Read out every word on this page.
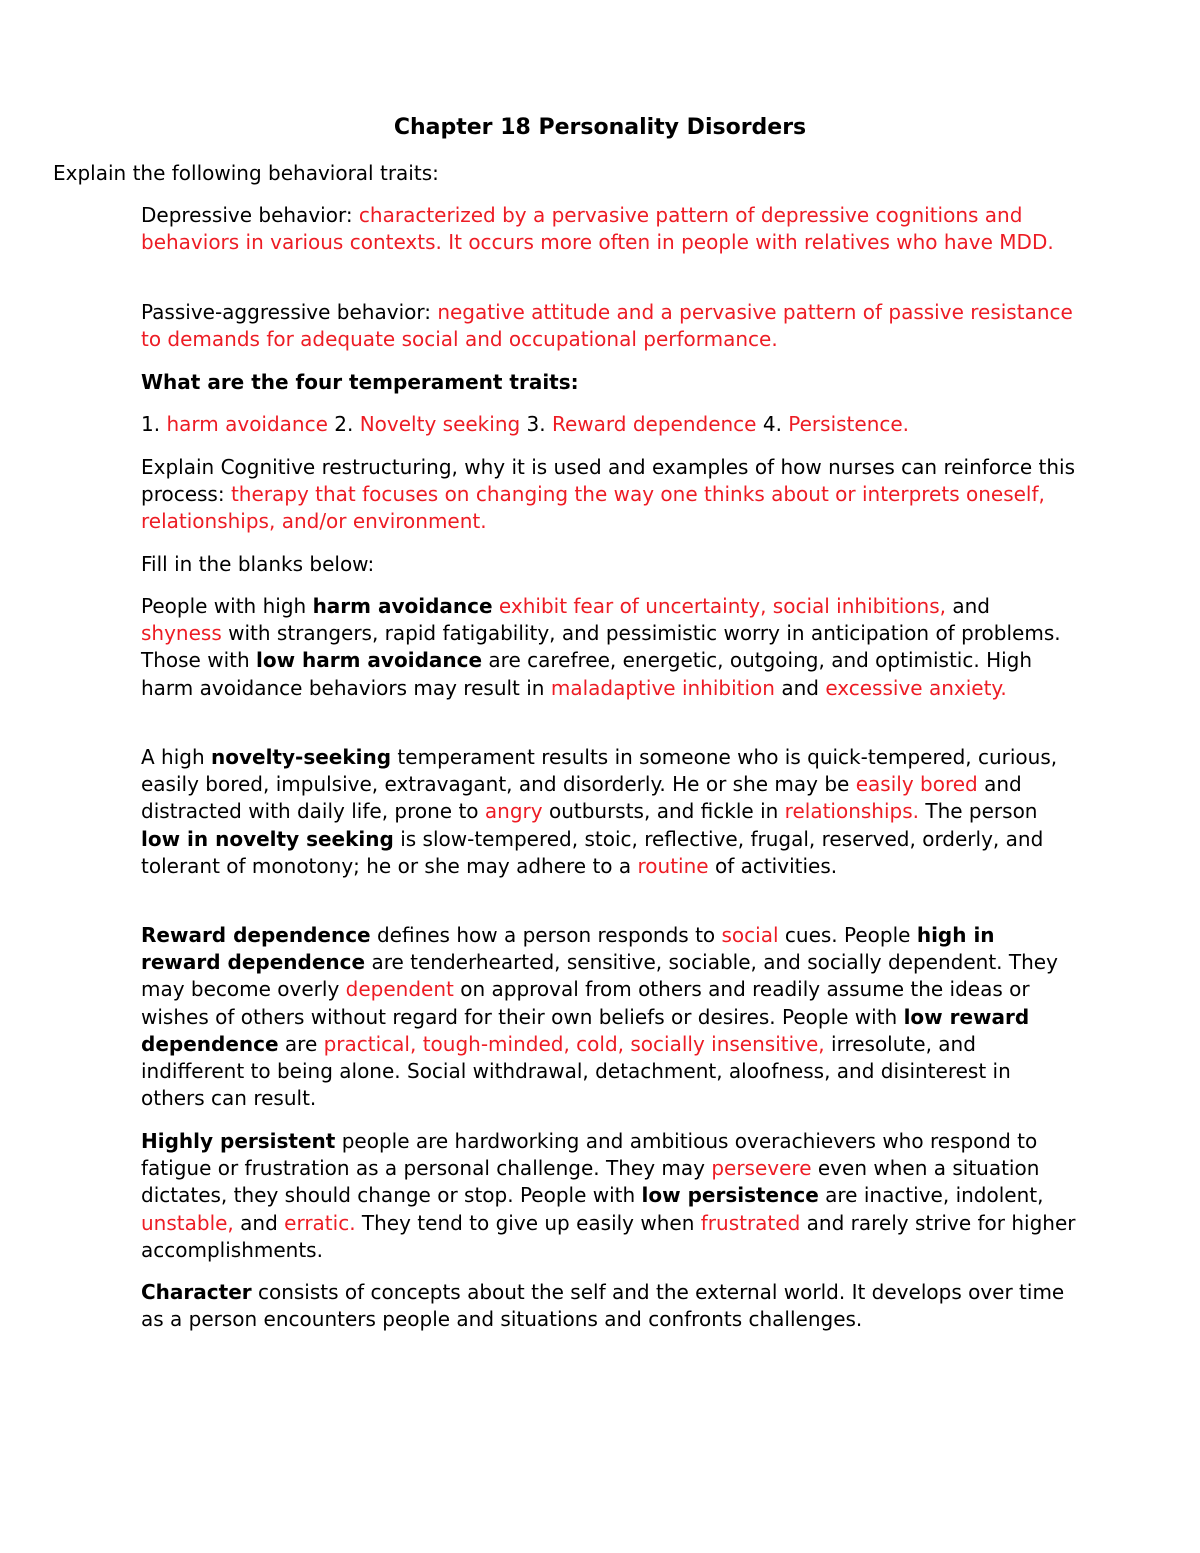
Chapter 18 Personality Disorders

Explain the following behavioral traits:

Depressive behavior: characterized by a pervasive pattern of depressive cognitions and behaviors in various contexts. It occurs more often in people with relatives who have MDD.

Passive-aggressive behavior: negative attitude and a pervasive pattern of passive resistance to demands for adequate social and occupational performance.

What are the four temperament traits:

1. harm avoidance 2. Novelty seeking 3. Reward dependence 4. Persistence.

Explain Cognitive restructuring, why it is used and examples of how nurses can reinforce this process: therapy that focuses on changing the way one thinks about or interprets oneself, relationships, and/or environment.

Fill in the blanks below:

People with high harm avoidance exhibit fear of uncertainty, social inhibitions, and shyness with strangers, rapid fatigability, and pessimistic worry in anticipation of problems. Those with low harm avoidance are carefree, energetic, outgoing, and optimistic. High harm avoidance behaviors may result in maladaptive inhibition and excessive anxiety.

A high novelty-seeking temperament results in someone who is quick-tempered, curious, easily bored, impulsive, extravagant, and disorderly. He or she may be easily bored and distracted with daily life, prone to angry outbursts, and fickle in relationships. The person low in novelty seeking is slow-tempered, stoic, reflective, frugal, reserved, orderly, and tolerant of monotony; he or she may adhere to a routine of activities.

Reward dependence defines how a person responds to social cues. People high in reward dependence are tenderhearted, sensitive, sociable, and socially dependent. They may become overly dependent on approval from others and readily assume the ideas or wishes of others without regard for their own beliefs or desires. People with low reward dependence are practical, tough-minded, cold, socially insensitive, irresolute, and indifferent to being alone. Social withdrawal, detachment, aloofness, and disinterest in others can result.

Highly persistent people are hardworking and ambitious overachievers who respond to fatigue or frustration as a personal challenge. They may persevere even when a situation dictates, they should change or stop. People with low persistence are inactive, indolent, unstable, and erratic. They tend to give up easily when frustrated and rarely strive for higher accomplishments.

Character consists of concepts about the self and the external world. It develops over time as a person encounters people and situations and confronts challenges.
